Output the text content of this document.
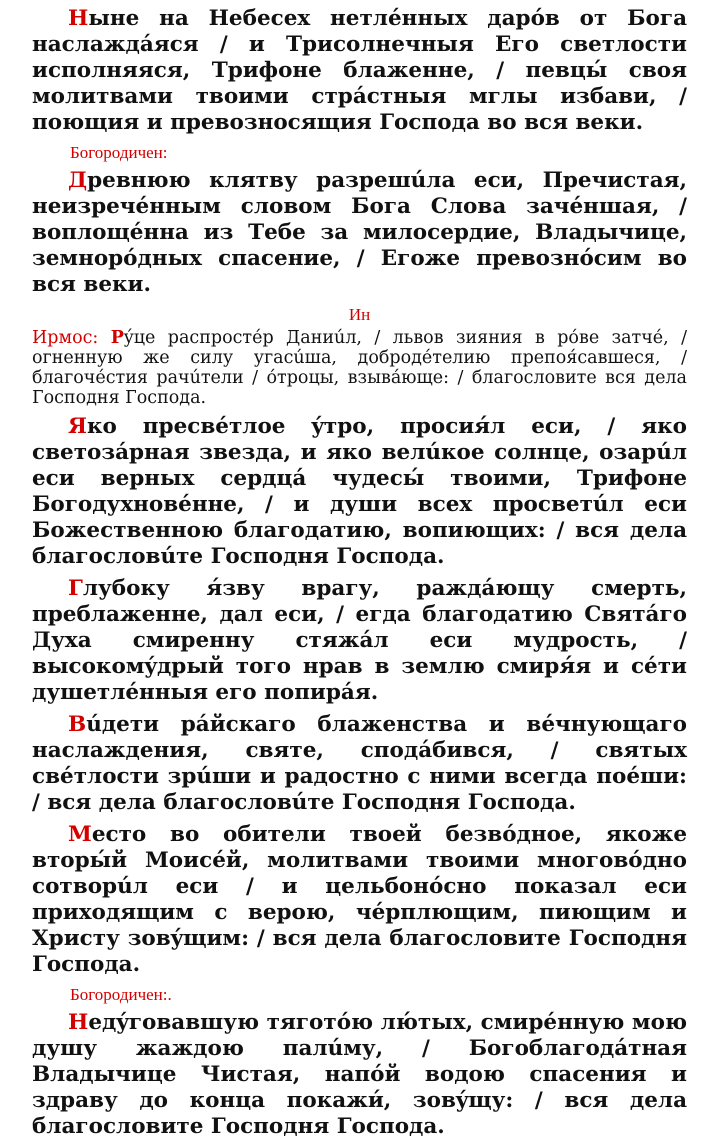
Ныне на Небесех нетлéнных дарóв от Бога наслаждáяся / и Трисолнечныя Его светлости исполняяся, Трифоне блаженне, / певцы́ своя молитвами твоими стрáстныя мглы избави, / поющия и превозносящия Господа во вся веки.

Богородичен:

Древнюю клятву разрешúла еси, Пречистая, неизречéнным словом Бога Слова зачéншая, / воплощéнна из Тебе за милосердие, Владычице, земнорóдных спасение, / Егоже превознóсим во вся веки.

Ин

Ирмос: Рýце распростéр Даниúл, / львов зияния в рóве затчé, / огненную же силу угасúша, добродéтелию препоя́савшеся, / благочéстия рачúтели / óтроцы, взывáюще: / благословите вся дела Господня Господа.

Яко пресвéтлое ýтро, просия́л еси, / яко светозáрная звезда, и яко велúкое солнце, озарúл еси верных сердцá чудесы́ твоими, Трифоне Богодухновéнне, / и души всех просветúл еси Божественною благодатию, вопиющих: / вся дела благословúте Господня Господа.

Глубоку я́зву врагу, раждáющу смерть, преблаженне, дал еси, / егда благодатию Святáго Духа смиренну стяжáл еси мудрость, / высокомýдрый того нрав в землю смиря́я и сéти душетлéнныя его попирáя.

Вúдети рáйскаго блаженства и вéчнующаго наслаждения, святе, спода́бився, / святых свéтлости зрúши и радостно с ними всегда поéши: / вся дела благословúте Господня Господа.

Место во обители твоей безвóдное, якоже вторы́й Моисéй, молитвами твоими многовóдно сотворúл еси / и цельбонóсно показал еси приходящим с верою, чéрплющим, пиющим и Христу зовýщим: / вся дела благословите Господня Господа.

Богородичен:.

Недýговавшую тяготóю лю́тых, смирéнную мою душу жаждою палúму, / Богоблагодáтная Владычице Чистая, напóй водою спасения и здраву до конца покажи́, зовýщу: / вся дела благословите Господня Господа.
